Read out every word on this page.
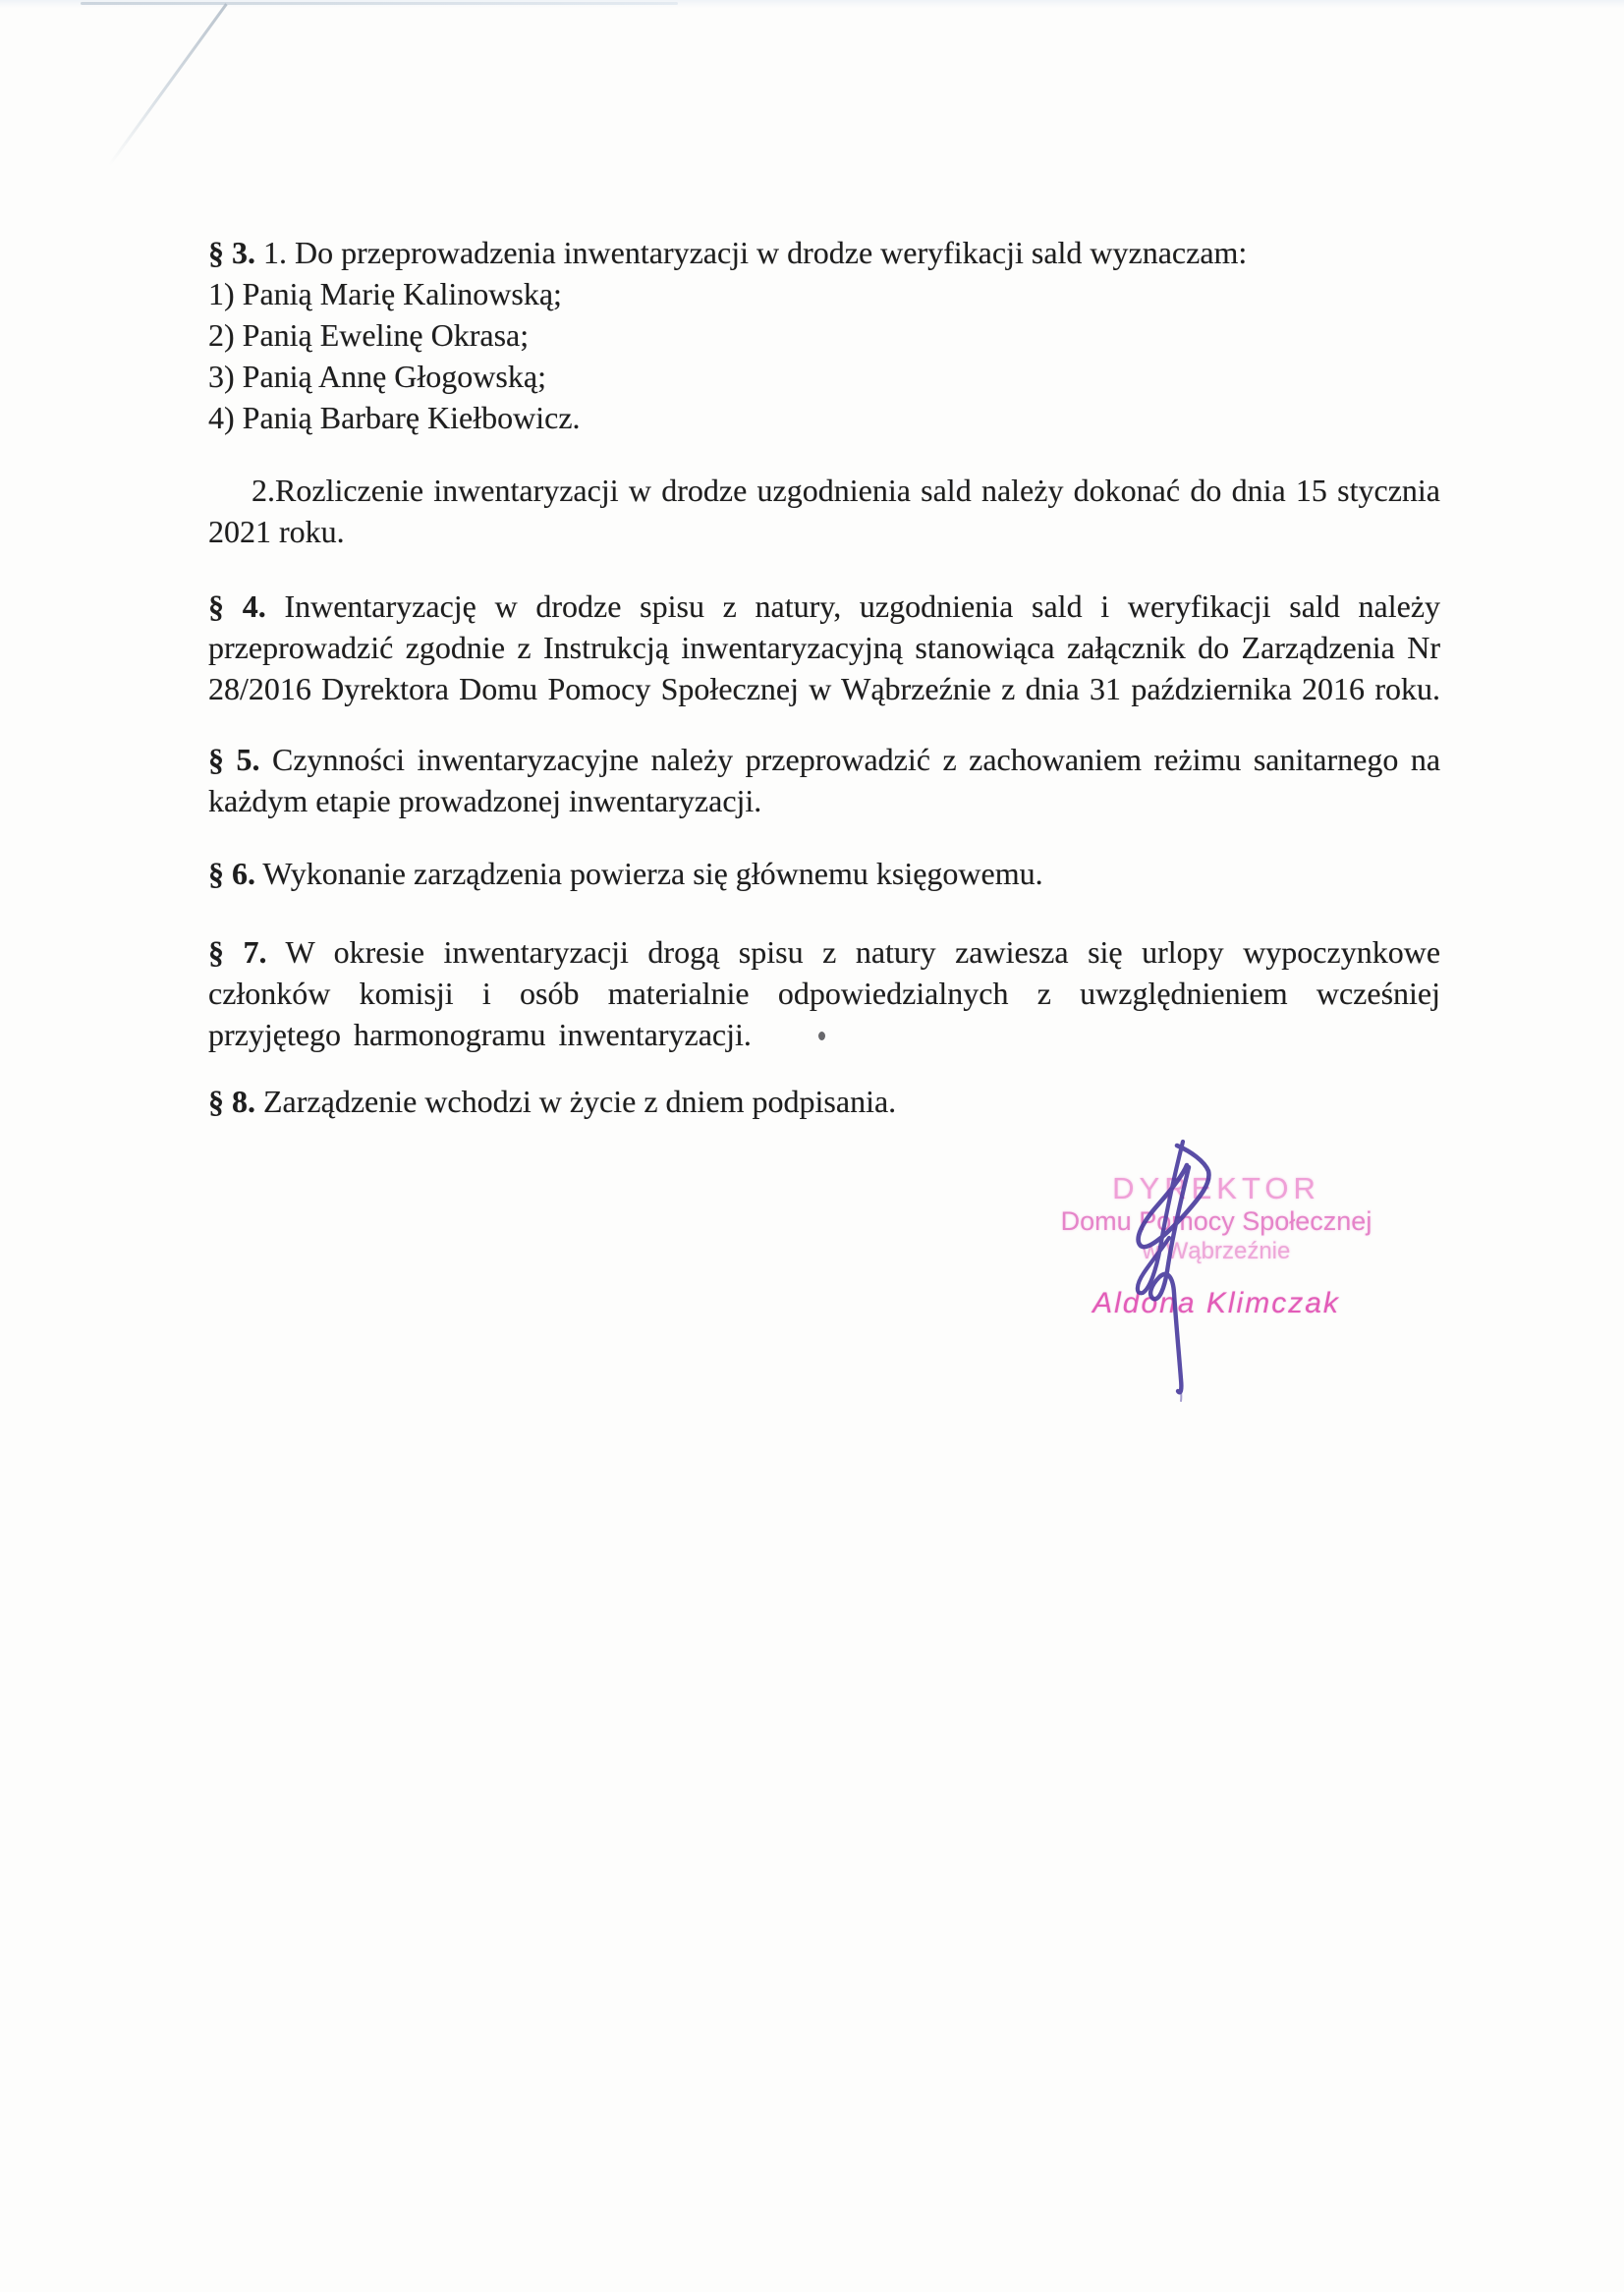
§ 3. 1. Do przeprowadzenia inwentaryzacji w drodze weryfikacji sald wyznaczam:
1) Panią Marię Kalinowską;
2) Panią Ewelinę Okrasa;
3) Panią Annę Głogowską;
4) Panią Barbarę Kiełbowicz.
2.Rozliczenie inwentaryzacji w drodze uzgodnienia sald należy dokonać do dnia 15 stycznia
2021 roku.
§ 4. Inwentaryzację w drodze spisu z natury, uzgodnienia sald i weryfikacji sald należy
przeprowadzić zgodnie z Instrukcją inwentaryzacyjną stanowiąca załącznik do Zarządzenia Nr
28/2016 Dyrektora Domu Pomocy Społecznej w Wąbrzeźnie z dnia 31 października 2016 roku.
§ 5. Czynności inwentaryzacyjne należy przeprowadzić z zachowaniem reżimu sanitarnego na
każdym etapie prowadzonej inwentaryzacji.
§ 6. Wykonanie zarządzenia powierza się głównemu księgowemu.
§ 7. W okresie inwentaryzacji drogą spisu z natury zawiesza się urlopy wypoczynkowe
członków komisji i osób materialnie odpowiedzialnych z uwzględnieniem wcześniej
przyjętego harmonogramu inwentaryzacji.
§ 8. Zarządzenie wchodzi w życie z dniem podpisania.
DYREKTOR
Domu Pomocy Społecznej
w Wąbrzeźnie
Aldona Klimczak
